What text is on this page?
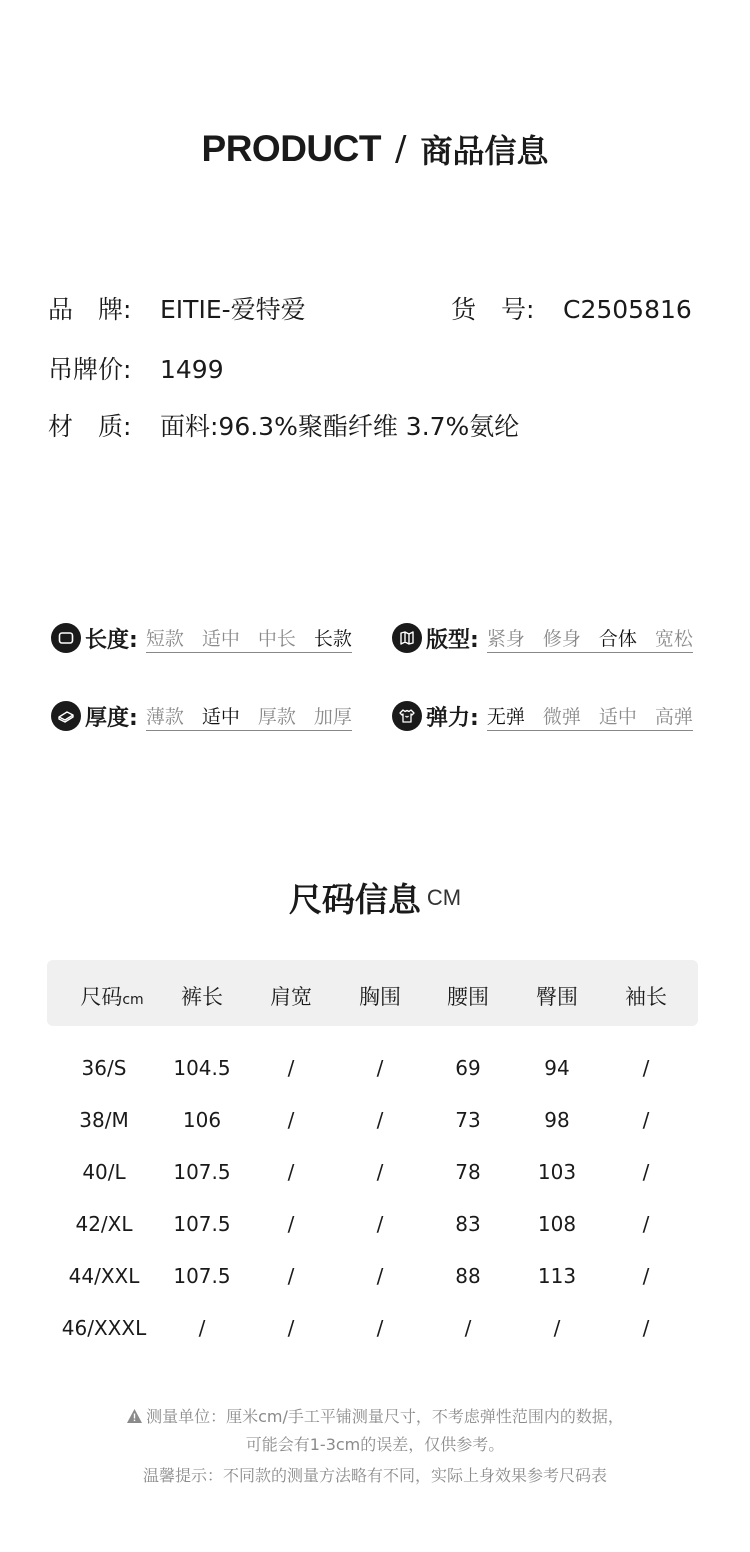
PRODUCT / 商品信息
品　牌: EITIE-爱特爱	货　号: C2505816
吊牌价: 1499
材　质: 面料:96.3%聚酯纤维 3.7%氨纶
长度: 短款 适中 中长 长款	版型: 紧身 修身 合体 宽松
厚度: 薄款 适中 厚款 加厚	弹力: 无弹 微弹 适中 高弹
尺码信息 CM
尺码cm	裤长	肩宽	胸围	腰围	臀围	袖长
36/S	104.5	/	/	69	94	/
38/M	106	/	/	73	98	/
40/L	107.5	/	/	78	103	/
42/XL	107.5	/	/	83	108	/
44/XXL	107.5	/	/	88	113	/
46/XXXL	/	/	/	/	/	/
测量单位：厘米cm/手工平铺测量尺寸，不考虑弹性范围内的数据，
可能会有1-3cm的误差，仅供参考。
温馨提示：不同款的测量方法略有不同，实际上身效果参考尺码表
